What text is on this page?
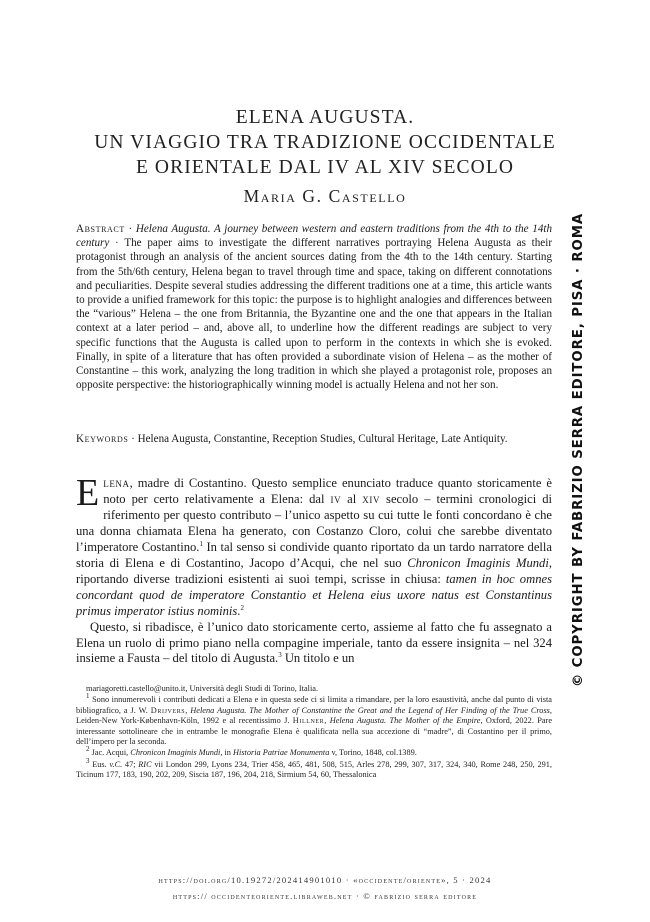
ELENA AUGUSTA.
UN VIAGGIO TRA TRADIZIONE OCCIDENTALE
E ORIENTALE DAL IV AL XIV SECOLO
Maria G. Castello
Abstract · Helena Augusta. A journey between western and eastern traditions from the 4th to the 14th century · The paper aims to investigate the different narratives portraying Helena Augusta as their protagonist through an analysis of the ancient sources dating from the 4th to the 14th century. Starting from the 5th/6th century, Helena began to travel through time and space, taking on different connotations and peculiarities. Despite several studies addressing the different traditions one at a time, this article wants to provide a unified framework for this topic: the purpose is to highlight analogies and differences between the “various” Helena – the one from Britannia, the Byzantine one and the one that appears in the Italian context at a later period – and, above all, to underline how the different readings are subject to very specific functions that the Augusta is called upon to perform in the contexts in which she is evoked. Finally, in spite of a literature that has often provided a subordinate vision of Helena – as the mother of Constantine – this work, analyzing the long tradition in which she played a protagonist role, proposes an opposite perspective: the historiographically winning model is actually Helena and not her son.
Keywords · Helena Augusta, Constantine, Reception Studies, Cultural Heritage, Late Antiquity.

Elena, madre di Costantino. Questo semplice enunciato traduce quanto storicamente è noto per certo relativamente a Elena: dal iv al xiv secolo – termini cronologici di riferimento per questo contributo – l’unico aspetto su cui tutte le fonti concordano è che una donna chiamata Elena ha generato, con Costanzo Cloro, colui che sarebbe diventato l’imperatore Costantino.$^1$ In tal senso si condivide quanto riportato da un tardo narratore della storia di Elena e di Costantino, Jacopo d’Acqui, che nel suo Chronicon Imaginis Mundi, riportando diverse tradizioni esistenti ai suoi tempi, scrisse in chiusa: tamen in hoc omnes concordant quod de imperatore Constantio et Helena eius uxore natus est Constantinus primus imperator istius nominis.$^2$

Questo, si ribadisce, è l’unico dato storicamente certo, assieme al fatto che fu assegnato a Elena un ruolo di primo piano nella compagine imperiale, tanto da essere insignita – nel 324 insieme a Fausta – del titolo di Augusta.$^3$ Un titolo e un

mariagoretti.castello@unito.it, Università degli Studi di Torino, Italia.

$^1$ Sono innumerevoli i contributi dedicati a Elena e in questa sede ci si limita a rimandare, per la loro esaustività, anche dal punto di vista bibliografico, a J. W. Drijvers, Helena Augusta. The Mother of Constantine the Great and the Legend of Her Finding of the True Cross, Leiden-New York-København-Köln, 1992 e al recentissimo J. Hillner, Helena Augusta. The Mother of the Empire, Oxford, 2022. Pare interessante sottolineare che in entrambe le monografie Elena è qualificata nella sua accezione di “madre”, di Costantino per il primo, dell’impero per la seconda.

$^2$ Jac. Acqui, Chronicon Imaginis Mundi, in Historia Patriae Monumenta v, Torino, 1848, col.1389.

$^3$ Eus. v.C. 47; RIC vii London 299, Lyons 234, Trier 458, 465, 481, 508, 515, Arles 278, 299, 307, 317, 324, 340, Rome 248, 250, 291, Ticinum 177, 183, 190, 202, 209, Siscia 187, 196, 204, 218, Sirmium 54, 60, Thessalonica

https://doi.org/10.19272/202414901010 · «occidente/oriente», 5 · 2024
https:// occidenteoriente.libraweb.net · © fabrizio serra editore
© COPYRIGHT BY FABRIZIO SERRA EDITORE, PISA · ROMA
